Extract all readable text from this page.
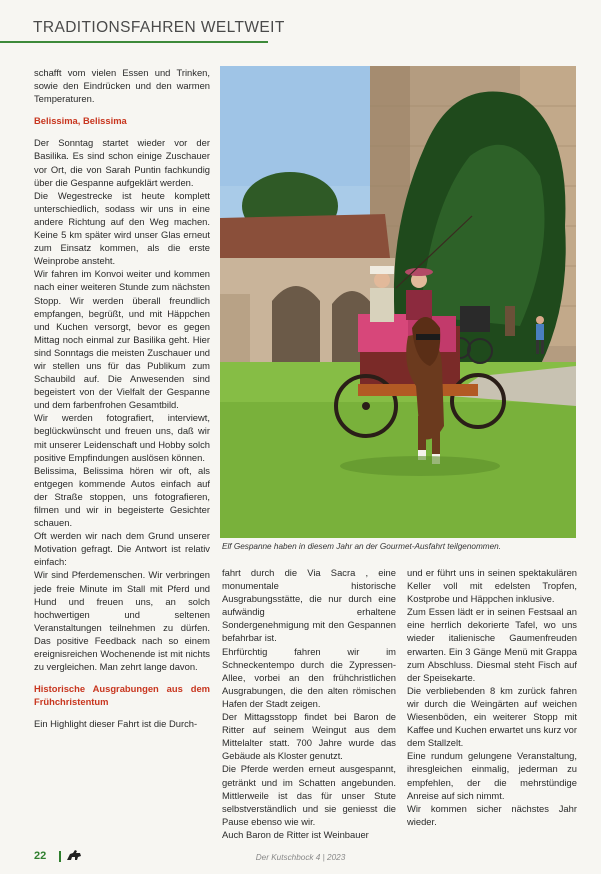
TRADITIONSFAHREN WELTWEIT

schafft vom vielen Essen und Trinken, sowie den Eindrücken und den warmen Temperaturen.

Belissima, Belissima

Der Sonntag startet wieder vor der Basilika. Es sind schon einige Zuschauer vor Ort, die von Sarah Puntin fachkundig über die Gespanne aufgeklärt werden.

Die Wegestrecke ist heute komplett unterschiedlich, sodass wir uns in eine andere Richtung auf den Weg machen. Keine 5 km später wird unser Glas erneut zum Einsatz kommen, als die erste Weinprobe ansteht.

Wir fahren im Konvoi weiter und kommen nach einer weiteren Stunde zum nächsten Stopp. Wir werden überall freundlich empfangen, begrüßt, und mit Häppchen und Kuchen versorgt, bevor es gegen Mittag noch einmal zur Basilika geht. Hier sind Sonntags die meisten Zuschauer und wir stellen uns für das Publikum zum Schaubild auf. Die Anwesenden sind begeistert von der Vielfalt der Gespanne und dem farbenfrohen Gesamtbild.

Wir werden fotografiert, interviewt, beglückwünscht und freuen uns, daß wir mit unserer Leidenschaft und Hobby solch positive Empfindungen auslösen können.

Belissima, Belissima hören wir oft, als entgegen kommende Autos einfach auf der Straße stoppen, uns fotografieren, filmen und wir in begeisterte Gesichter schauen.

Oft werden wir nach dem Grund unserer Motivation gefragt. Die Antwort ist relativ einfach:

Wir sind Pferdemenschen. Wir verbringen jede freie Minute im Stall mit Pferd und Hund und freuen uns, an solch hochwertigen und seltenen Veranstaltungen teilnehmen zu dürfen. Das positive Feedback nach so einem ereignisreichen Wochenende ist mit nichts zu vergleichen. Man zehrt lange davon.

Historische Ausgrabungen aus dem Frühchristentum

Ein Highlight dieser Fahrt ist die Durch-

Elf Gespanne haben in diesem Jahr an der Gourmet-Ausfahrt teilgenommen.

fahrt durch die Via Sacra , eine monumentale historische Ausgrabungsstätte, die nur durch eine aufwändig erhaltene Sondergenehmigung mit den Gespannen befahrbar ist.

Ehrfürchtig fahren wir im Schneckentempo durch die Zypressen-Allee, vorbei an den frühchristlichen Ausgrabungen, die den alten römischen Hafen der Stadt zeigen.

Der Mittagsstopp findet bei Baron de Ritter auf seinem Weingut aus dem Mittelalter statt. 700 Jahre wurde das Gebäude als Kloster genutzt.

Die Pferde werden erneut ausgespannt, getränkt und im Schatten angebunden. Mittlerweile ist das für unser Stute selbstverständlich und sie geniesst die Pause ebenso wie wir.

Auch Baron de Ritter ist Weinbauer

und er führt uns in seinen spektakulären Keller voll mit edelsten Tropfen, Kostprobe und Häppchen inklusive.

Zum Essen lädt er in seinen Festsaal an eine herrlich dekorierte Tafel, wo uns wieder italienische Gaumenfreuden erwarten. Ein 3 Gänge Menü mit Grappa zum Abschluss. Diesmal steht Fisch auf der Speisekarte.

Die verbliebenden 8 km zurück fahren wir durch die Weingärten auf weichen Wiesenböden, ein weiterer Stopp mit Kaffee und Kuchen erwartet uns kurz vor dem Stallzelt.

Eine rundum gelungene Veranstaltung, ihresgleichen einmalig, jederman zu empfehlen, der die mehrstündige Anreise auf sich nimmt.

Wir kommen sicher nächstes Jahr wieder.

22	Der Kutschbock 4 | 2023
